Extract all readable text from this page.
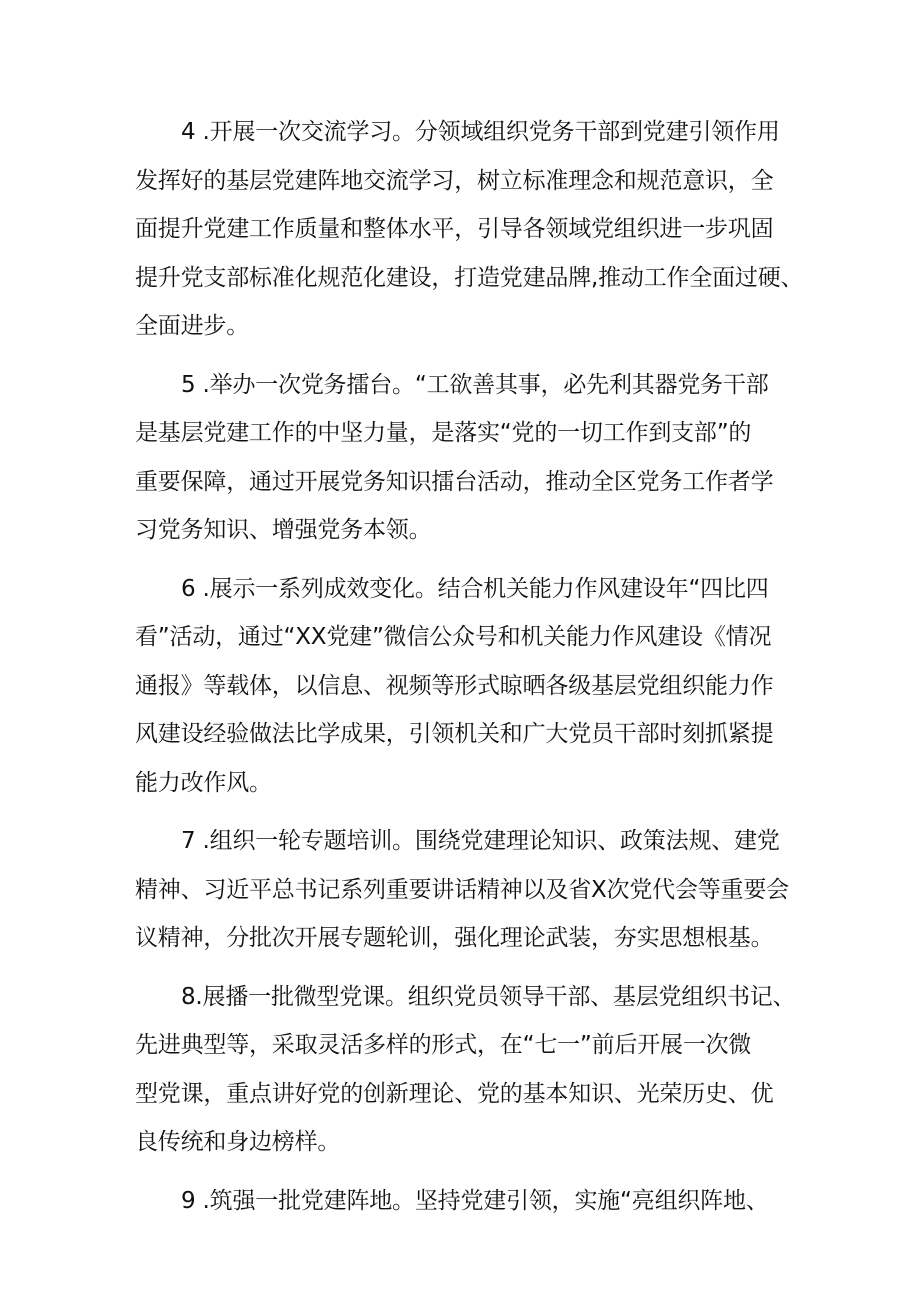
4 .开展一次交流学习。分领域组织党务干部到党建引领作用
发挥好的基层党建阵地交流学习，树立标准理念和规范意识，全
面提升党建工作质量和整体水平，引导各领域党组织进一步巩固
提升党支部标准化规范化建设，打造党建品牌,推动工作全面过硬、
全面进步。
5 .举办一次党务擂台。“工欲善其事，必先利其器党务干部
是基层党建工作的中坚力量，是落实“党的一切工作到支部”的
重要保障，通过开展党务知识擂台活动，推动全区党务工作者学
习党务知识、增强党务本领。
6 .展示一系列成效变化。结合机关能力作风建设年“四比四
看”活动，通过“XX党建”微信公众号和机关能力作风建设《情况
通报》等载体，以信息、视频等形式晾晒各级基层党组织能力作
风建设经验做法比学成果，引领机关和广大党员干部时刻抓紧提
能力改作风。
7 .组织一轮专题培训。围绕党建理论知识、政策法规、建党
精神、习近平总书记系列重要讲话精神以及省X次党代会等重要会
议精神，分批次开展专题轮训，强化理论武装，夯实思想根基。
8.展播一批微型党课。组织党员领导干部、基层党组织书记、
先进典型等，采取灵活多样的形式，在“七一”前后开展一次微
型党课，重点讲好党的创新理论、党的基本知识、光荣历史、优
良传统和身边榜样。
9 .筑强一批党建阵地。坚持党建引领，实施“亮组织阵地、
